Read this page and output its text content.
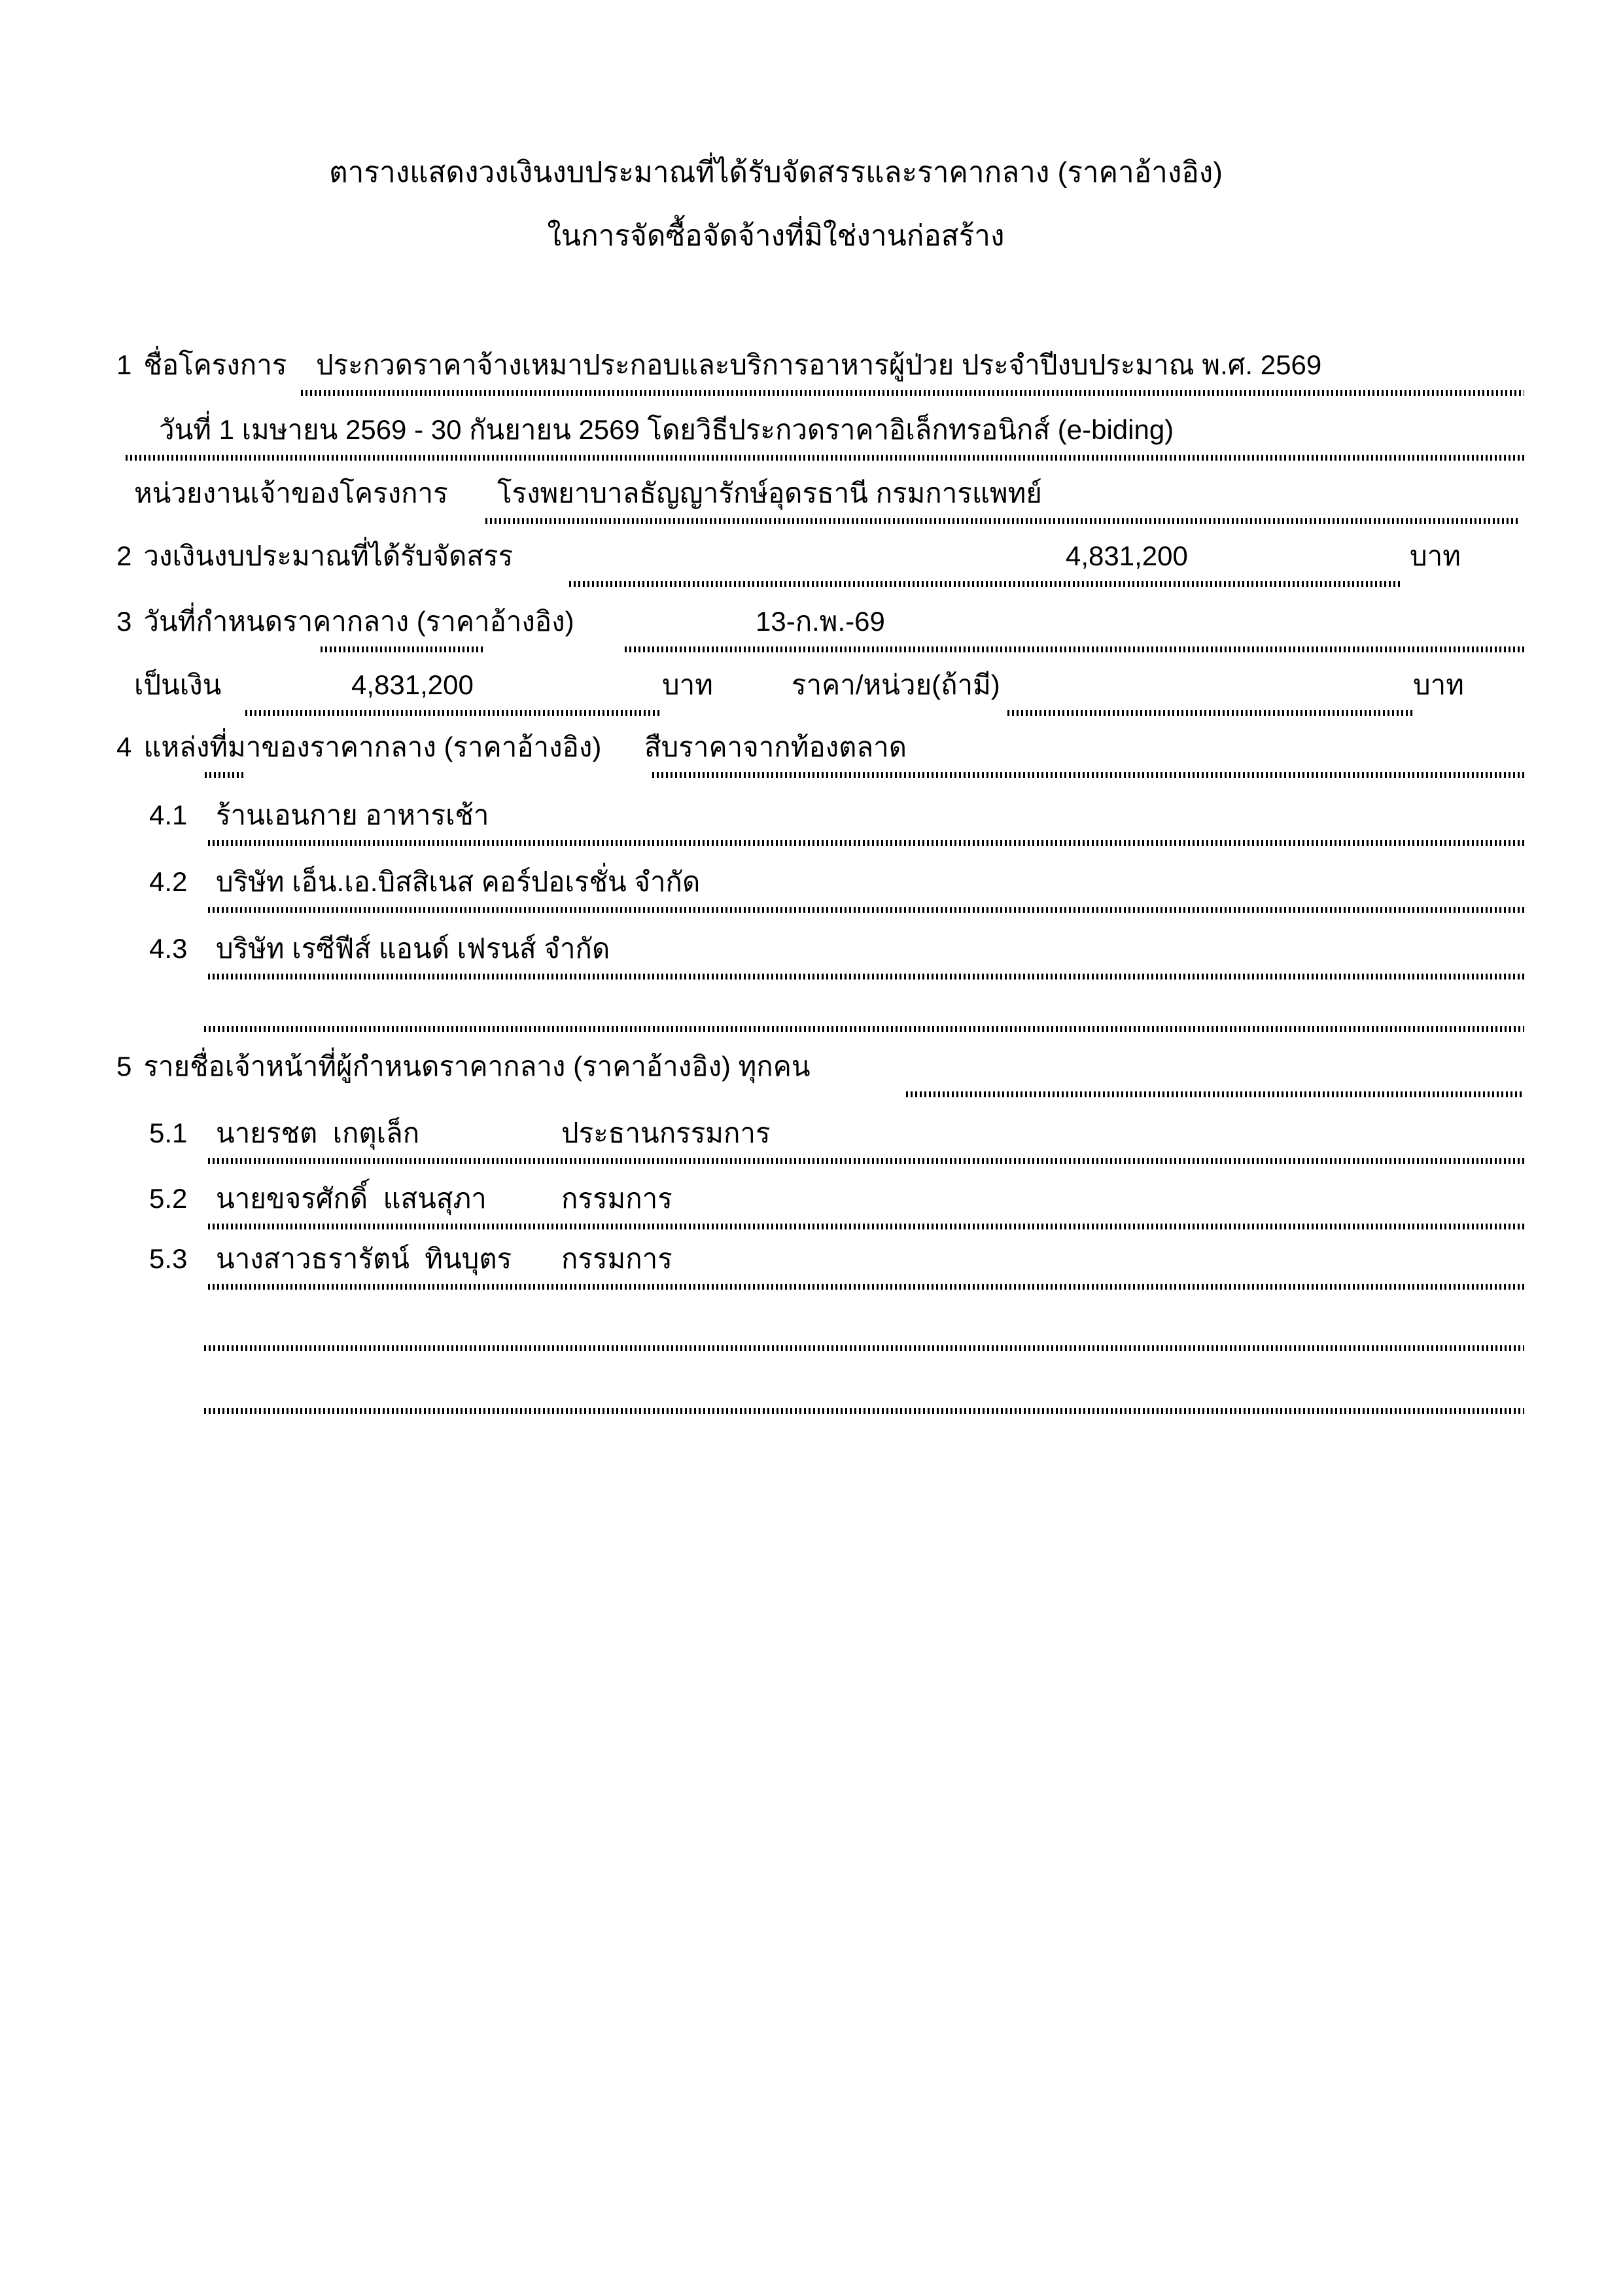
ตารางแสดงวงเงินงบประมาณที่ได้รับจัดสรรและราคากลาง (ราคาอ้างอิง)
ในการจัดซื้อจัดจ้างที่มิใช่งานก่อสร้าง
1 ชื่อโครงการ ประกวดราคาจ้างเหมาประกอบและบริการอาหารผู้ป่วย ประจำปีงบประมาณ พ.ศ. 2569
วันที่ 1 เมษายน 2569 - 30 กันยายน 2569 โดยวิธีประกวดราคาอิเล็กทรอนิกส์ (e-biding)
หน่วยงานเจ้าของโครงการ โรงพยาบาลธัญญารักษ์อุดรธานี กรมการแพทย์
2 วงเงินงบประมาณที่ได้รับจัดสรร	4,831,200	บาท
3 วันที่กำหนดราคากลาง (ราคาอ้างอิง)	13-ก.พ.-69
เป็นเงิน	4,831,200	บาท	ราคา/หน่วย(ถ้ามี)	บาท
4 แหล่งที่มาของราคากลาง (ราคาอ้างอิง) สืบราคาจากท้องตลาด
4.1 ร้านเอนกาย อาหารเช้า
4.2 บริษัท เอ็น.เอ.บิสสิเนส คอร์ปอเรชั่น จำกัด
4.3 บริษัท เรซีฟีส์ แอนด์ เฟรนส์ จำกัด
5 รายชื่อเจ้าหน้าที่ผู้กำหนดราคากลาง (ราคาอ้างอิง) ทุกคน
5.1 นายรชต  เกตุเล็ก	ประธานกรรมการ
5.2 นายขจรศักดิ์  แสนสุภา	กรรมการ
5.3 นางสาวธรารัตน์  ทินบุตร กรรมการ
